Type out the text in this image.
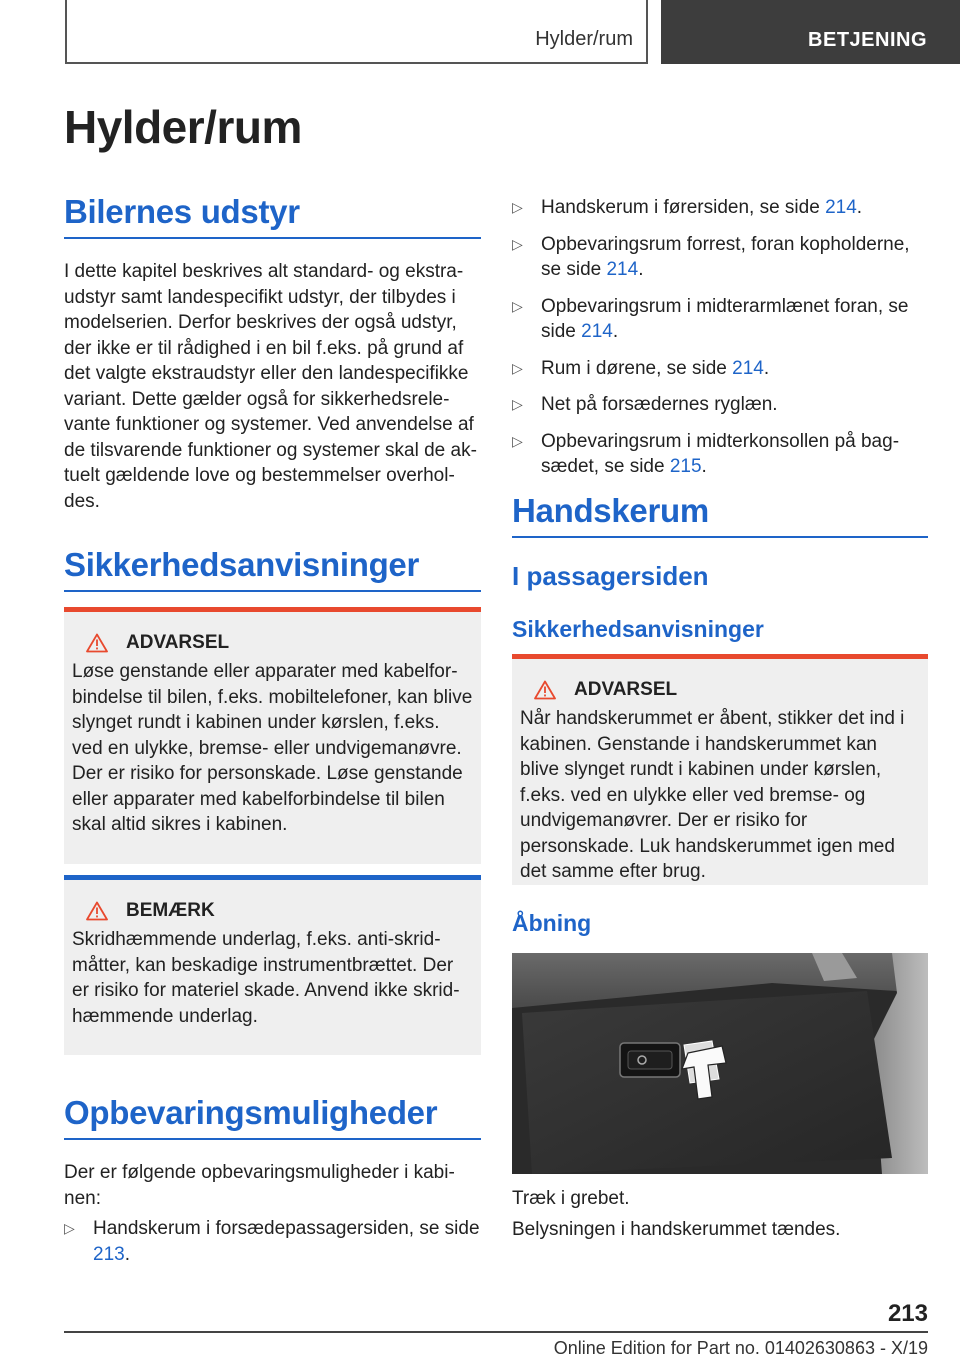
Hylder/rum	BETJENING
Hylder/rum
Bilernes udstyr
I dette kapitel beskrives alt standard- og ekstraudstyr samt landespecifikt udstyr, der tilbydes i modelserien. Derfor beskrives der også udstyr, der ikke er til rådighed i en bil f.eks. på grund af det valgte ekstraudstyr eller den landespecifikke variant. Dette gælder også for sikkerhedsrelevante funktioner og systemer. Ved anvendelse af de tilsvarende funktioner og systemer skal de aktuelt gældende love og bestemmelser overholdes.
Sikkerhedsanvisninger
ADVARSEL
Løse genstande eller apparater med kabelforbindelse til bilen, f.eks. mobiltelefoner, kan blive slynget rundt i kabinen under kørslen, f.eks. ved en ulykke, bremse- eller undvigemanøvre. Der er risiko for personskade. Løse genstande eller apparater med kabelforbindelse til bilen skal altid sikres i kabinen.
BEMÆRK
Skridhæmmende underlag, f.eks. anti-skridmåtter, kan beskadige instrumentbrættet. Der er risiko for materiel skade. Anvend ikke skridhæmmende underlag.
Opbevaringsmuligheder
Der er følgende opbevaringsmuligheder i kabinen:
▷ Handskerum i forsædepassagersiden, se side 213.
▷ Handskerum i førersiden, se side 214.
▷ Opbevaringsrum forrest, foran kopholderne, se side 214.
▷ Opbevaringsrum i midterarmlænet foran, se side 214.
▷ Rum i dørene, se side 214.
▷ Net på forsædernes ryglæn.
▷ Opbevaringsrum i midterkonsollen på bagsædet, se side 215.
Handskerum
I passagersiden
Sikkerhedsanvisninger
ADVARSEL
Når handskerummet er åbent, stikker det ind i kabinen. Genstande i handskerummet kan blive slynget rundt i kabinen under kørslen, f.eks. ved en ulykke eller ved bremse- og undvigemanøvrer. Der er risiko for personskade. Luk handskerummet igen med det samme efter brug.
Åbning
Træk i grebet.
Belysningen i handskerummet tændes.
213
Online Edition for Part no. 01402630863 - X/19
